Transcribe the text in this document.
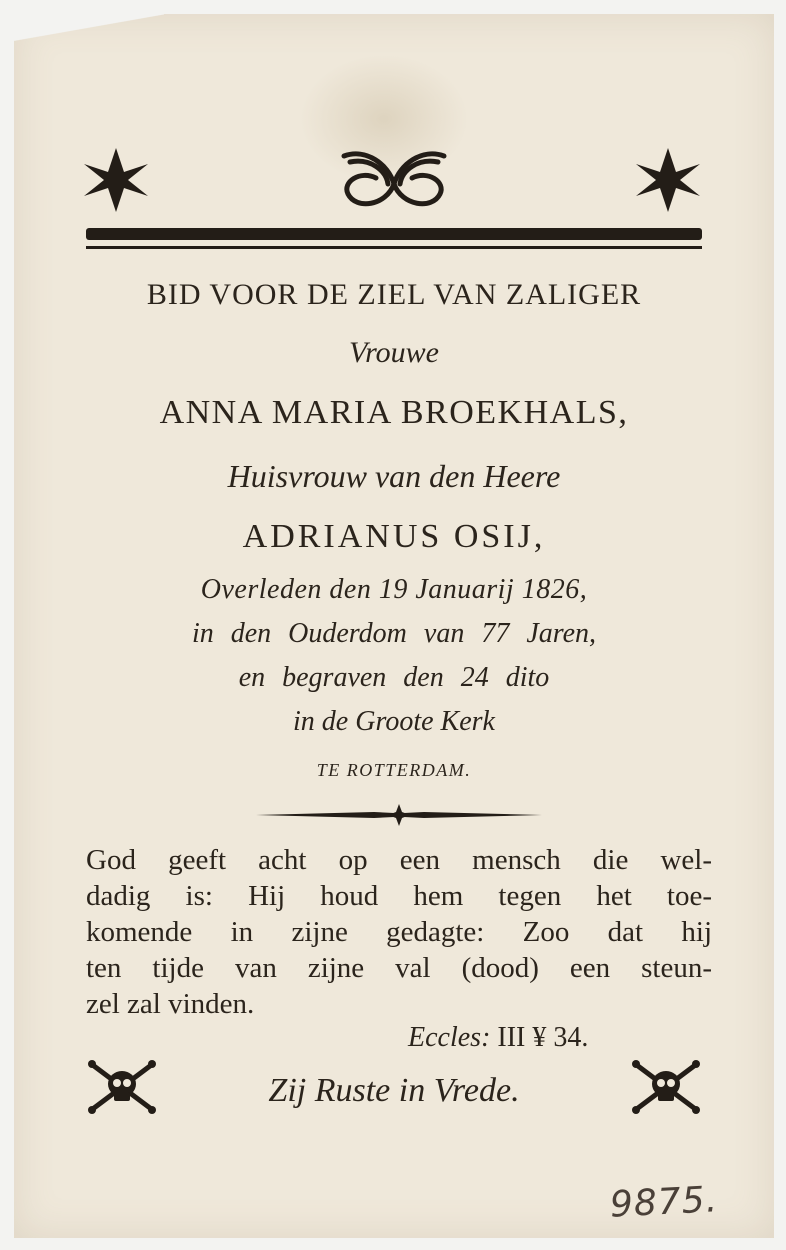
BID VOOR DE ZIEL VAN ZALIGER
Vrouwe
ANNA MARIA BROEKHALS,
Huisvrouw van den Heere
ADRIANUS OSIJ,
Overleden den 19 Januarij 1826,
in den Ouderdom van 77 Jaren,
en begraven den 24 dito
in de Groote Kerk
TE ROTTERDAM.
God geeft acht op een mensch die wel-
dadig is: Hij houd hem tegen het toe-
komende in zijne gedagte: Zoo dat hij
ten tijde van zijne val (dood) een steun-
zel zal vinden.
Eccles: III ¥ 34.
Zij Ruste in Vrede.
9875.
